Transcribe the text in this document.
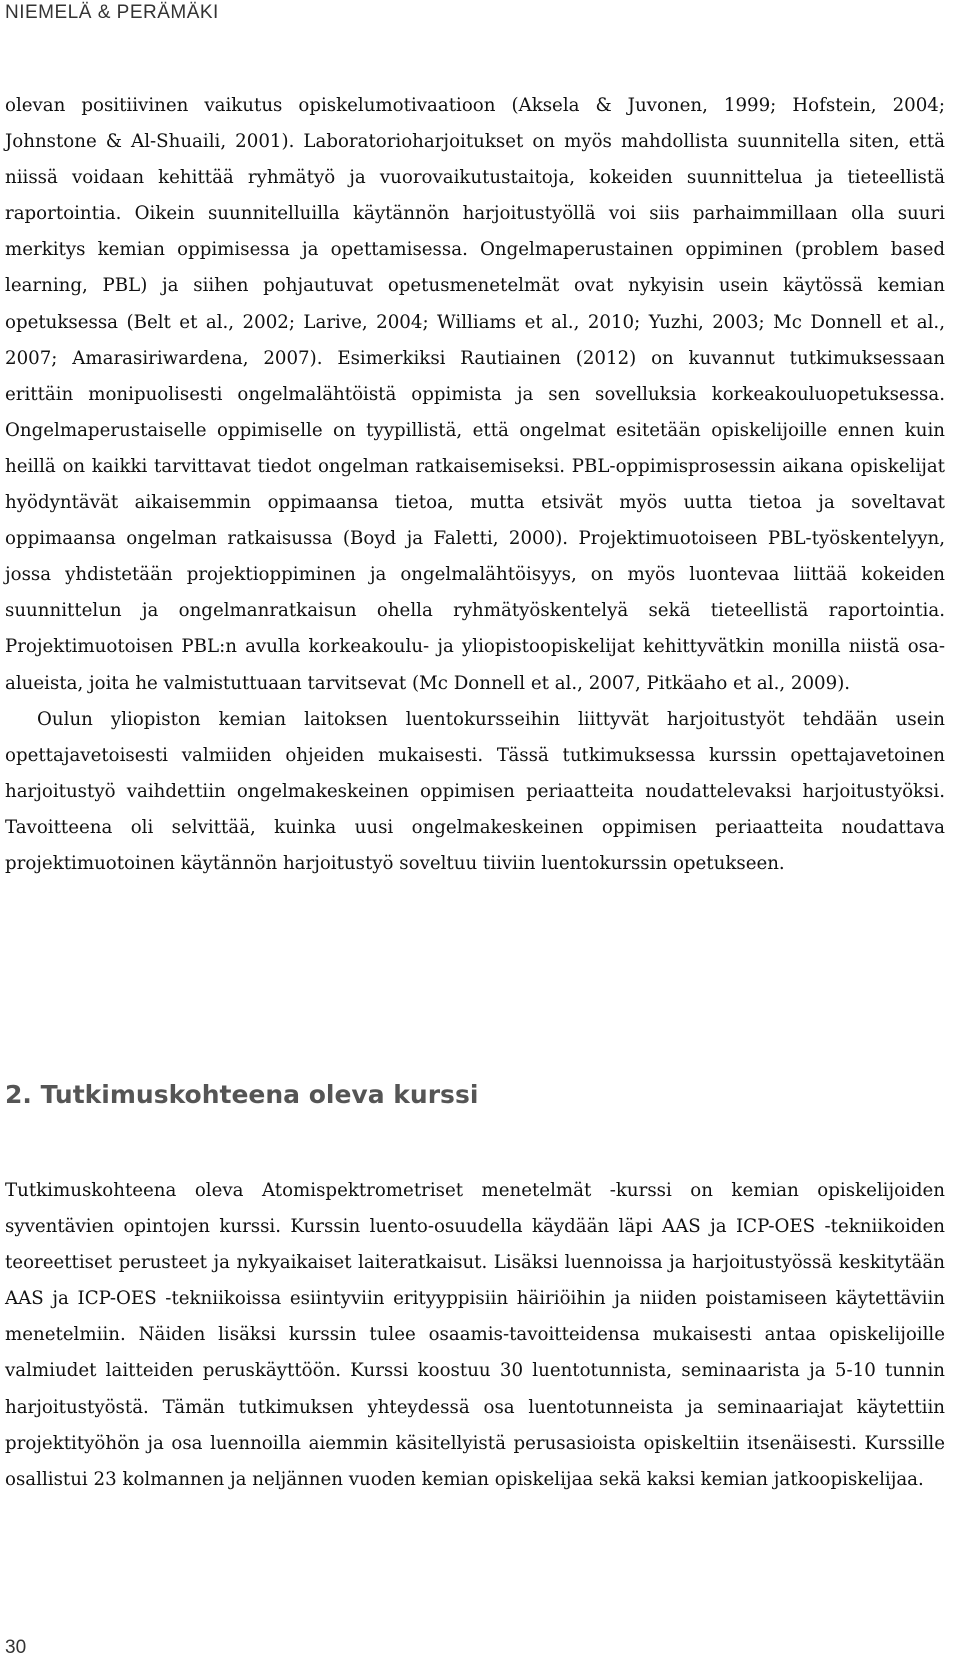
NIEMELÄ & PERÄMÄKI

olevan positiivinen vaikutus opiskelumotivaatioon (Aksela & Juvonen, 1999; Hofstein, 2004; Johnstone & Al-Shuaili, 2001). Laboratorioharjoitukset on myös mahdollista suunnitella siten, että niissä voidaan kehittää ryhmätyö ja vuorovaikutustaitoja, kokeiden suunnittelua ja tieteellistä raportointia. Oikein suunnitelluilla käytännön harjoitustyöllä voi siis parhaimmillaan olla suuri merkitys kemian oppimisessa ja opettamisessa. Ongelmaperustainen oppiminen (problem based learning, PBL) ja siihen pohjautuvat opetusmenetelmät ovat nykyisin usein käytössä kemian opetuksessa (Belt et al., 2002; Larive, 2004; Williams et al., 2010; Yuzhi, 2003; Mc Donnell et al., 2007; Amarasiriwardena, 2007). Esimerkiksi Rautiainen (2012) on kuvannut tutkimuksessaan erittäin monipuolisesti ongelmalähtöistä oppimista ja sen sovelluksia korkeakouluopetuksessa. Ongelmaperustaiselle oppimiselle on tyypillistä, että ongelmat esitetään opiskelijoille ennen kuin heillä on kaikki tarvittavat tiedot ongelman ratkaisemiseksi. PBL-oppimisprosessin aikana opiskelijat hyödyntävät aikaisemmin oppimaansa tietoa, mutta etsivät myös uutta tietoa ja soveltavat oppimaansa ongelman ratkaisussa (Boyd ja Faletti, 2000). Projektimuotoiseen PBL-työskentelyyn, jossa yhdistetään projektioppiminen ja ongelmalähtöisyys, on myös luontevaa liittää kokeiden suunnittelun ja ongelmanratkaisun ohella ryhmätyöskentelyä sekä tieteellistä raportointia. Projektimuotoisen PBL:n avulla korkeakoulu- ja yliopistoopiskelijat kehittyvätkin monilla niistä osa-alueista, joita he valmistuttuaan tarvitsevat (Mc Donnell et al., 2007, Pitkäaho et al., 2009).

Oulun yliopiston kemian laitoksen luentokursseihin liittyvät harjoitustyöt tehdään usein opettajavetoisesti valmiiden ohjeiden mukaisesti. Tässä tutkimuksessa kurssin opettajavetoinen harjoitustyö vaihdettiin ongelmakeskeinen oppimisen periaatteita noudattelevaksi harjoitustyöksi. Tavoitteena oli selvittää, kuinka uusi ongelmakeskeinen oppimisen periaatteita noudattava projektimuotoinen käytännön harjoitustyö soveltuu tiiviin luentokurssin opetukseen.

2. Tutkimuskohteena oleva kurssi

Tutkimuskohteena oleva Atomispektrometriset menetelmät -kurssi on kemian opiskelijoiden syventävien opintojen kurssi. Kurssin luento-osuudella käydään läpi AAS ja ICP-OES -tekniikoiden teoreettiset perusteet ja nykyaikaiset laiteratkaisut. Lisäksi luennoissa ja harjoitustyössä keskitytään AAS ja ICP-OES -tekniikoissa esiintyviin erityyppisiin häiriöihin ja niiden poistamiseen käytettäviin menetelmiin. Näiden lisäksi kurssin tulee osaamis-tavoitteidensa mukaisesti antaa opiskelijoille valmiudet laitteiden peruskäyttöön. Kurssi koostuu 30 luentotunnista, seminaarista ja 5-10 tunnin harjoitustyöstä. Tämän tutkimuksen yhteydessä osa luentotunneista ja seminaariajat käytettiin projektityöhön ja osa luennoilla aiemmin käsitellyistä perusasioista opiskeltiin itsenäisesti. Kurssille osallistui 23 kolmannen ja neljännen vuoden kemian opiskelijaa sekä kaksi kemian jatkoopiskelijaa.

30
